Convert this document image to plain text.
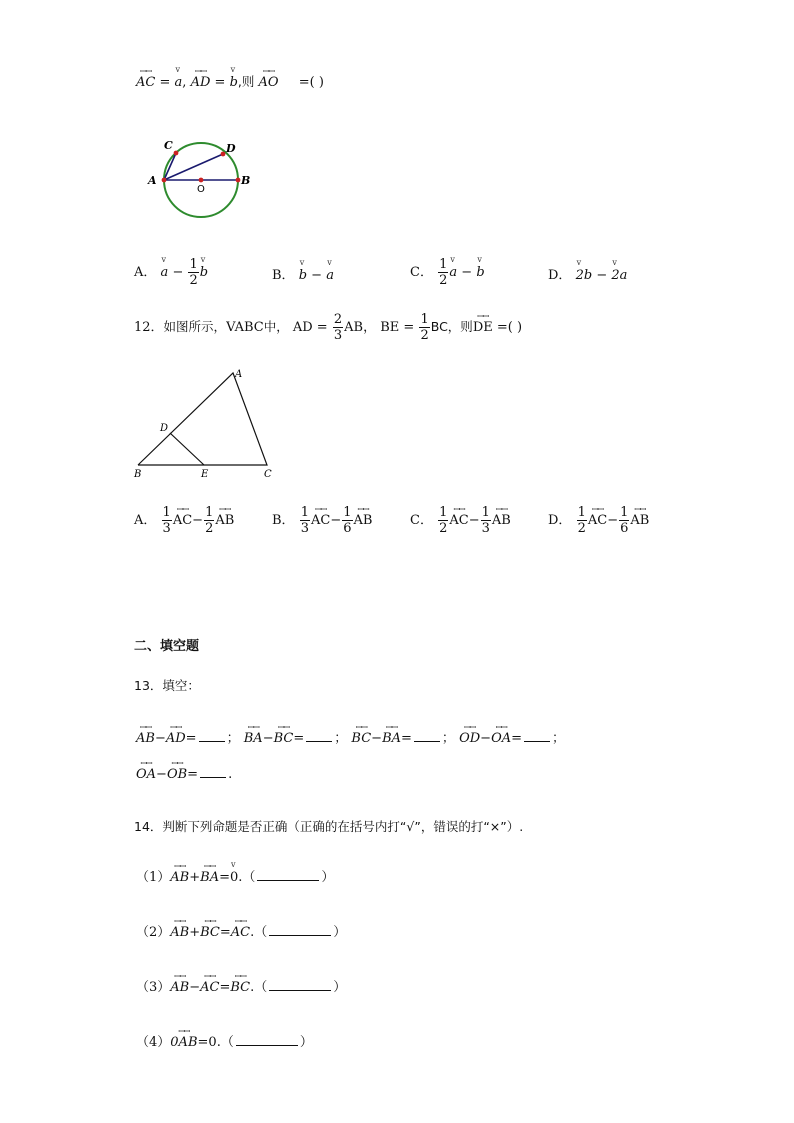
ꟷꟷ AC = v a, ꟷꟷ AD = v b,则 ꟷꟷ AO =( )
A	B
C	D
O
A． v $a - \frac{1}{2}$ v b	B． v b − v a	C． $\frac{1}{2}$ v a − v b	D． v 2b − v 2a
12．如图所示，VABC中， AD = $\frac{2}{3}$ AB， BE = $\frac{1}{2}$ BC，则ꟷꟷ DE =( )
A
B	C
D
E
A． $\frac{1}{3}$ ꟷꟷ $AC- \frac{1}{2}$ ꟷꟷ AB	B． $\frac{1}{3}$ ꟷꟷ $AC- \frac{1}{6}$ ꟷꟷ AB	C． $\frac{1}{2}$ ꟷꟷ $AC- \frac{1}{3}$ ꟷꟷ AB	D． $\frac{1}{2}$ ꟷꟷ $AC- \frac{1}{6}$ ꟷꟷ AB
二、填空题
13．填空：
ꟷꟷ AB−ꟷꟷ AD= ； ꟷꟷ BA−ꟷꟷ BC= ； ꟷꟷ BC−ꟷꟷ BA= ； ꟷꟷ OD−ꟷꟷ OA= ；
ꟷꟷ OA−ꟷꟷ OB= .
14．判断下列命题是否正确（正确的在括号内打“√”，错误的打“×”）.
（1）ꟷꟷ AB+ꟷꟷ BA=v 0.（	）
（2）ꟷꟷ AB+ꟷꟷ BC=ꟷꟷ AC.（	）
（3）ꟷꟷ AB−ꟷꟷ AC=ꟷꟷ BC.（	）
（4）ꟷꟷ 0AB=0.（	）
